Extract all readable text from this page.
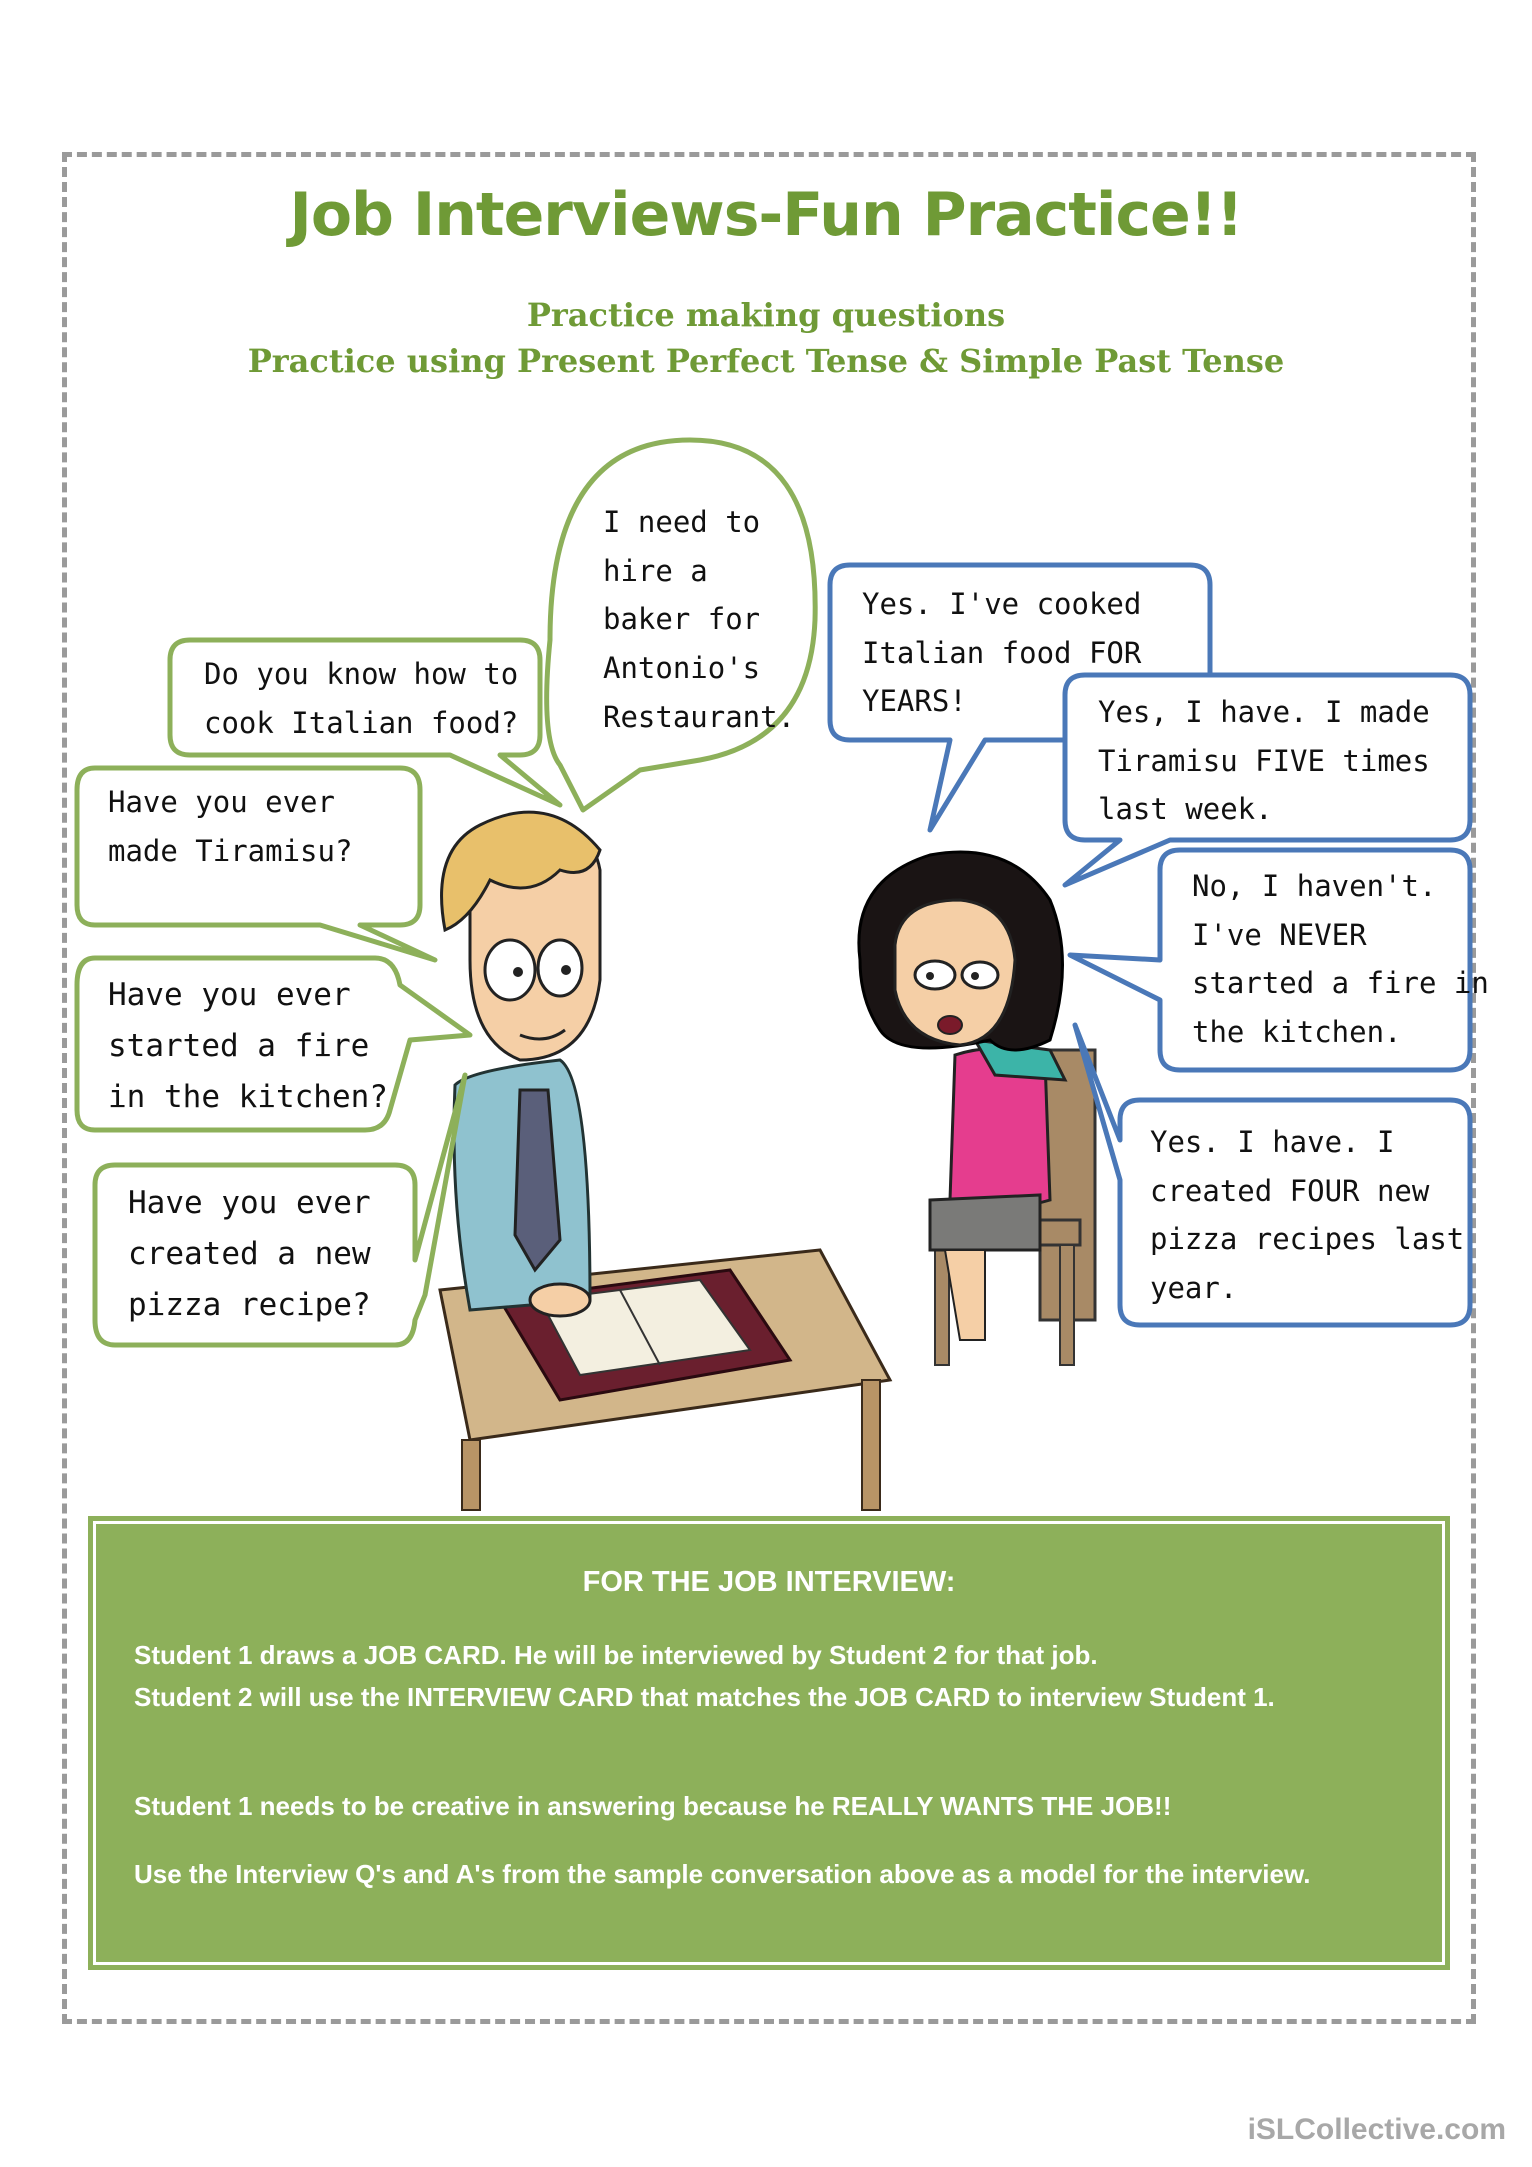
Job Interviews-Fun Practice!!
Practice making questions
Practice using Present Perfect Tense & Simple Past Tense
I need to
hire a
baker for
Antonio's
Restaurant.
Do you know how to
cook Italian food?
Have you ever
made Tiramisu?
Have you ever
started a fire
in the kitchen?
Have you ever
created a new
pizza recipe?
Yes. I've cooked
Italian food FOR
YEARS!	Yes, I have. I made
Tiramisu FIVE times
last week.
No, I haven't.
I've NEVER
started a fire in
the kitchen.
Yes. I have. I
created FOUR new
pizza recipes last
year.
FOR THE JOB INTERVIEW:
Student 1 draws a JOB CARD. He will be interviewed by Student 2 for that job.
Student 2 will use the INTERVIEW CARD that matches the JOB CARD to interview Student 1.
Student 1 needs to be creative in answering because he REALLY WANTS THE JOB!!
Use the Interview Q's and A's from the sample conversation above as a model for the interview.
iSLCollective.com
